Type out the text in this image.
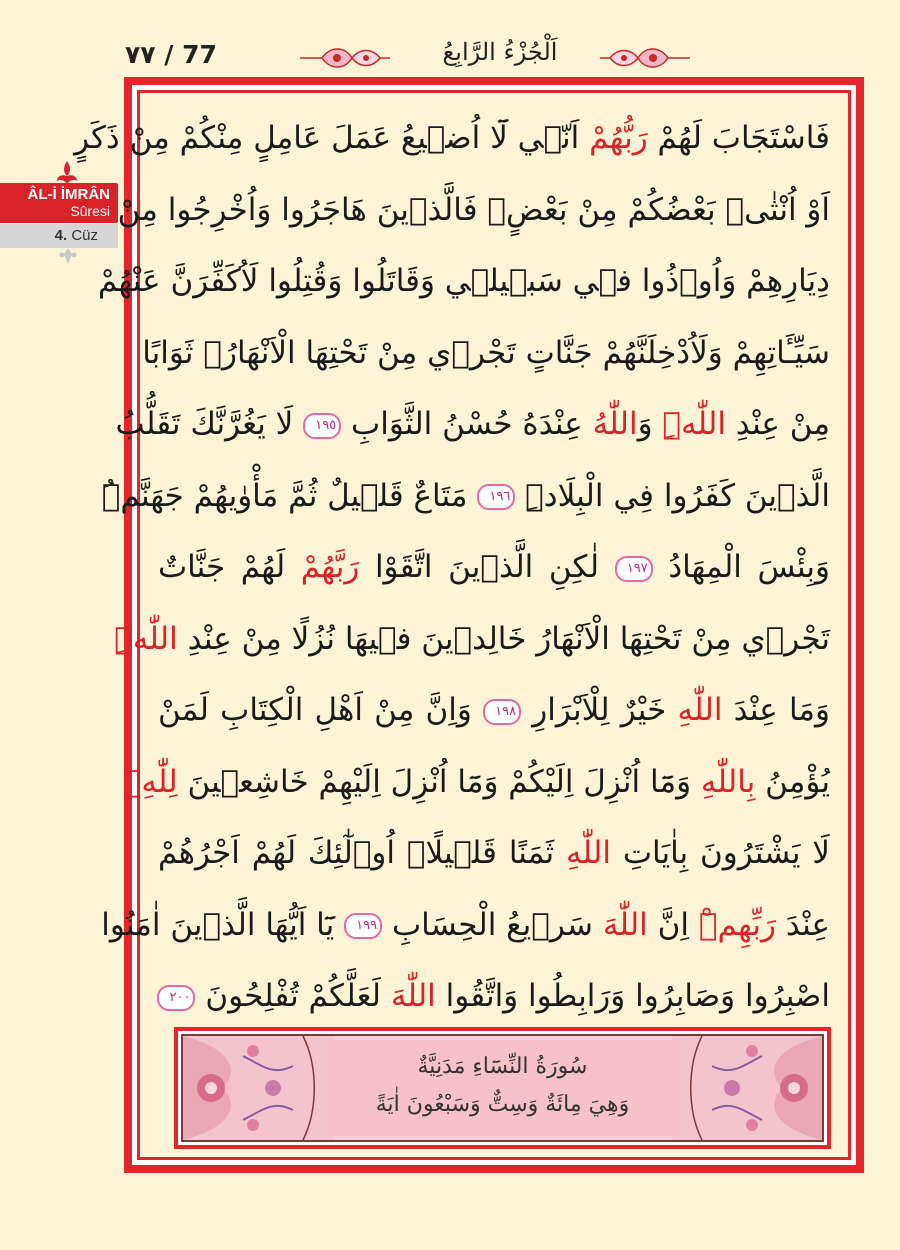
٧٧ / 77	اَلْجُزْءُ الرَّابِعُ
ÂL-İ İMRÂN
Sûresi
4. Cüz
فَاسْتَجَابَ لَهُمْ رَبُّهُمْ اَنّ۪ي لَٓا اُض۪يعُ عَمَلَ عَامِلٍ مِنْكُمْ مِنْ ذَكَرٍ
اَوْ اُنْثٰىۚ بَعْضُكُمْ مِنْ بَعْضٍۚ فَالَّذ۪ينَ هَاجَرُوا وَاُخْرِجُوا مِنْ
دِيَارِهِمْ وَاُو۫ذُوا ف۪ي سَب۪يل۪ي وَقَاتَلُوا وَقُتِلُوا لَاُكَفِّرَنَّ عَنْهُمْ
سَيِّـَٔاتِهِمْ وَلَاُدْخِلَنَّهُمْ جَنَّاتٍ تَجْر۪ي مِنْ تَحْتِهَا الْاَنْهَارُۚ ثَوَابًا
مِنْ عِنْدِ اللّٰهِۜ وَاللّٰهُ عِنْدَهُ حُسْنُ الثَّوَابِ ١٩٥ لَا يَغُرَّنَّكَ تَقَلُّبُ
الَّذ۪ينَ كَفَرُوا فِي الْبِلَادِۜ ١٩٦ مَتَاعٌ قَل۪يلٌ ثُمَّ مَأْوٰيهُمْ جَهَنَّمُۜ
وَبِئْسَ الْمِهَادُ ١٩٧ لٰكِنِ الَّذ۪ينَ اتَّقَوْا رَبَّهُمْ لَهُمْ جَنَّاتٌ
تَجْر۪ي مِنْ تَحْتِهَا الْاَنْهَارُ خَالِد۪ينَ ف۪يهَا نُزُلًا مِنْ عِنْدِ اللّٰهِ
وَمَا عِنْدَ اللّٰهِ خَيْرٌ لِلْاَبْرَارِ ١٩٨ وَاِنَّ مِنْ اَهْلِ الْكِتَابِ لَمَنْ
يُؤْمِنُ بِاللّٰهِ وَمَٓا اُنْزِلَ اِلَيْكُمْ وَمَٓا اُنْزِلَ اِلَيْهِمْ خَاشِع۪ينَ لِلّٰهِ
لَا يَشْتَرُونَ بِاٰيَاتِ اللّٰهِ ثَمَنًا قَل۪يلًاۜ اُو۬لٰٓئِكَ لَهُمْ اَجْرُهُمْ
عِنْدَ رَبِّهِمْۜ اِنَّ اللّٰهَ سَر۪يعُ الْحِسَابِ ١٩٩ يَٓا اَيُّهَا الَّذ۪ينَ اٰمَنُوا
اصْبِرُوا وَصَابِرُوا وَرَابِطُوا وَاتَّقُوا اللّٰهَ لَعَلَّكُمْ تُفْلِحُونَ ٢٠٠
سُورَةُ النِّسَٓاءِ مَدَنِيَّةٌ
وَهِيَ مِائَةٌ وَسِتٌّ وَسَبْعُونَ اٰيَةً
